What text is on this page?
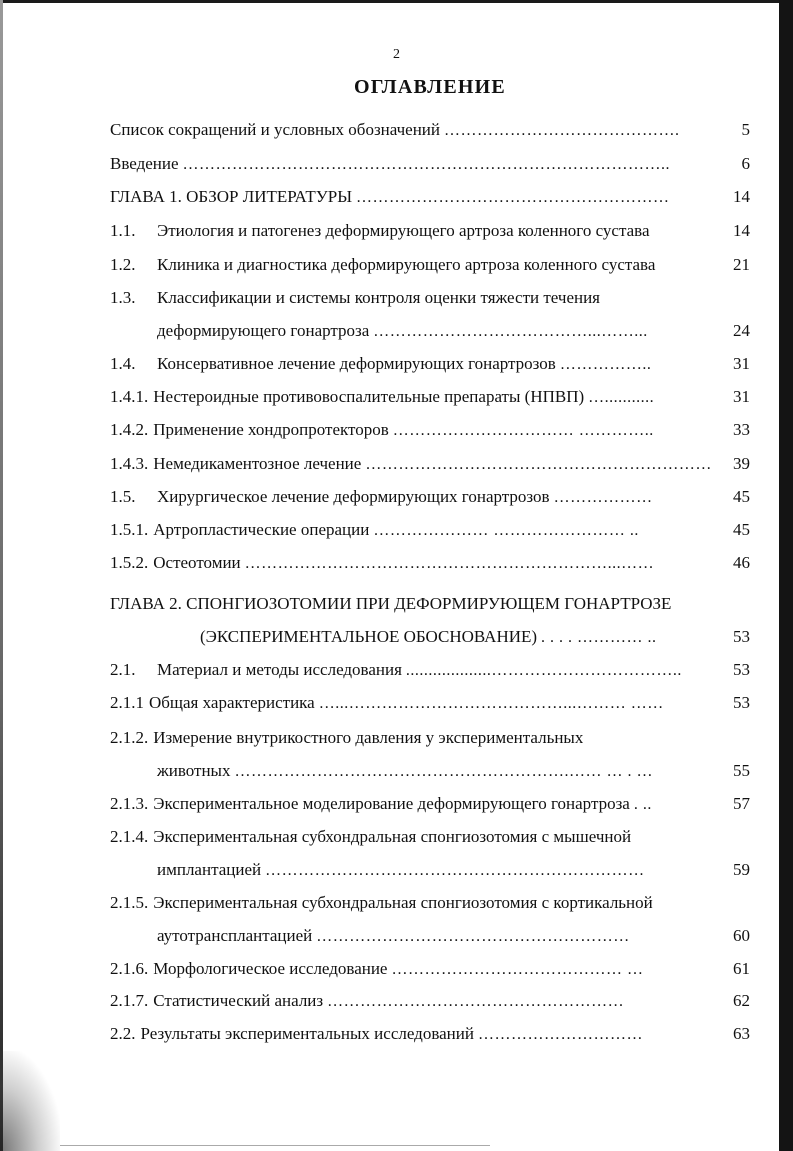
2
ОГЛАВЛЕНИЕ
Список сокращений и условных обозначений …………………………………….	5
Введение ……………………………………………………………………………..	6
ГЛАВА 1. ОБЗОР ЛИТЕРАТУРЫ …………………………………………………	14
1.1.	Этиология и патогенез деформирующего артроза коленного сустава	14
1.2.	Клиника и диагностика деформирующего артроза коленного сустава	21
1.3.	Классификации и системы контроля оценки тяжести течения
деформирующего гонартроза …………………………………...……...	24
1.4.	Консервативное лечение деформирующих гонартрозов ……………..	31
1.4.1. Нестероидные противовоспалительные препараты (НПВП) …...........	31
1.4.2. Применение хондропротекторов …………………………… …………..	33
1.4.3. Немедикаментозное лечение ………………………………………………………	39
1.5.	Хирургическое лечение деформирующих гонартрозов ………………	45
1.5.1. Артропластические операции ………………… …………………… ..	45
1.5.2. Остеотомии …………………………………………………………...……	46
ГЛАВА 2. СПОНГИОЗОТОМИИ ПРИ ДЕФОРМИРУЮЩЕМ ГОНАРТРОЗЕ
(ЭКСПЕРИМЕНТАЛЬНОЕ ОБОСНОВАНИЕ) . . . . ………… ..	53
2.1.	Материал и методы исследования ...................……………………………..	53
2.1.1 Общая характеристика …...…………………………………...……… ……	53
2.1.2. Измерение внутрикостного давления у экспериментальных
животных …………………………………………………….…… … . …	55
2.1.3. Экспериментальное моделирование деформирующего гонартроза . ..	57
2.1.4. Экспериментальная субхондральная спонгиозотомия с мышечной
имплантацией ……………………………………………………………	59
2.1.5. Экспериментальная субхондральная спонгиозотомия с кортикальной
аутотрансплантацией …………………………………………………	60
2.1.6. Морфологическое исследование …………………………………… …	61
2.1.7. Статистический анализ ………………………………………………	62
2.2. Результаты экспериментальных исследований …………………………	63
